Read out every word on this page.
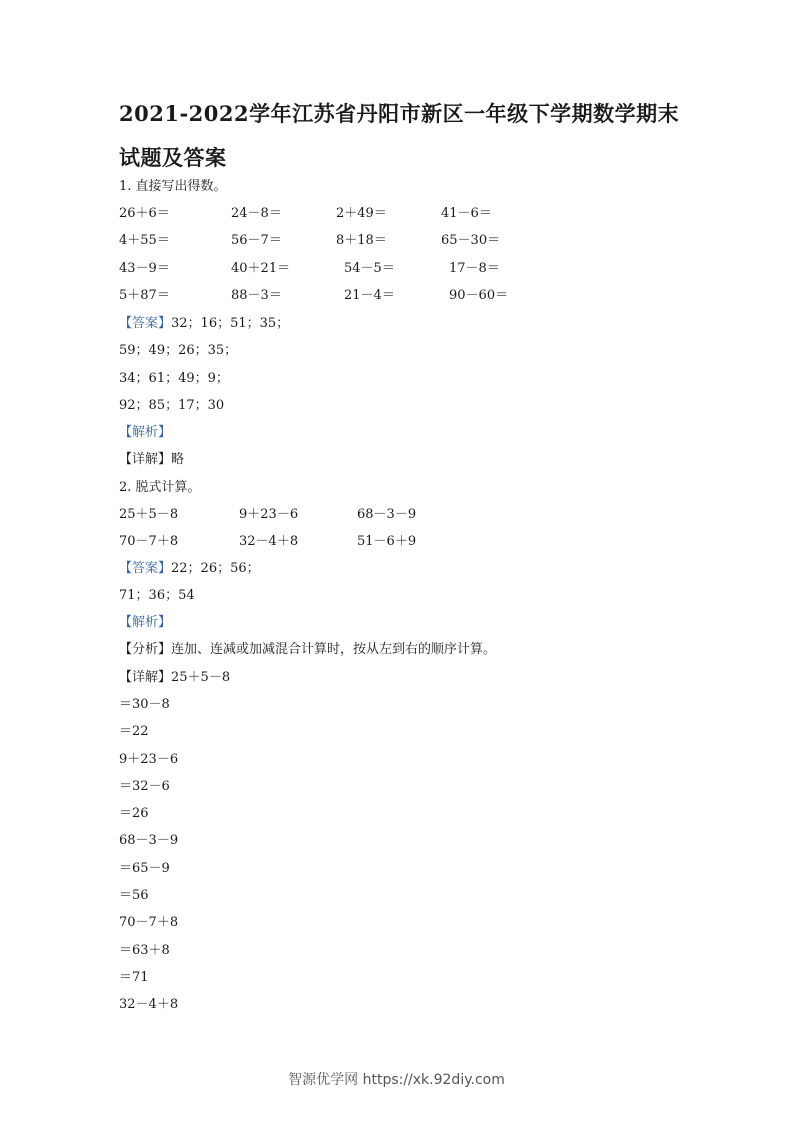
2021-2022学年江苏省丹阳市新区一年级下学期数学期末试题及答案
1. 直接写出得数。
26＋6＝	24－8＝	2＋49＝	41－6＝
4＋55＝	56－7＝	8＋18＝	65－30＝
43－9＝	40＋21＝	54－5＝	17－8＝
5＋87＝	88－3＝	21－4＝	90－60＝
【答案】32；16；51；35；
59；49；26；35；
34；61；49；9；
92；85；17；30
【解析】
【详解】略
2. 脱式计算。
25＋5－8	9＋23－6	68－3－9
70－7＋8	32－4＋8	51－6＋9
【答案】22；26；56；
71；36；54
【解析】
【分析】连加、连减或加减混合计算时，按从左到右的顺序计算。
【详解】25＋5－8
＝30－8
＝22
9＋23－6
＝32－6
＝26
68－3－9
＝65－9
＝56
70－7＋8
＝63＋8
＝71
32－4＋8
智源优学网 https://xk.92diy.com
